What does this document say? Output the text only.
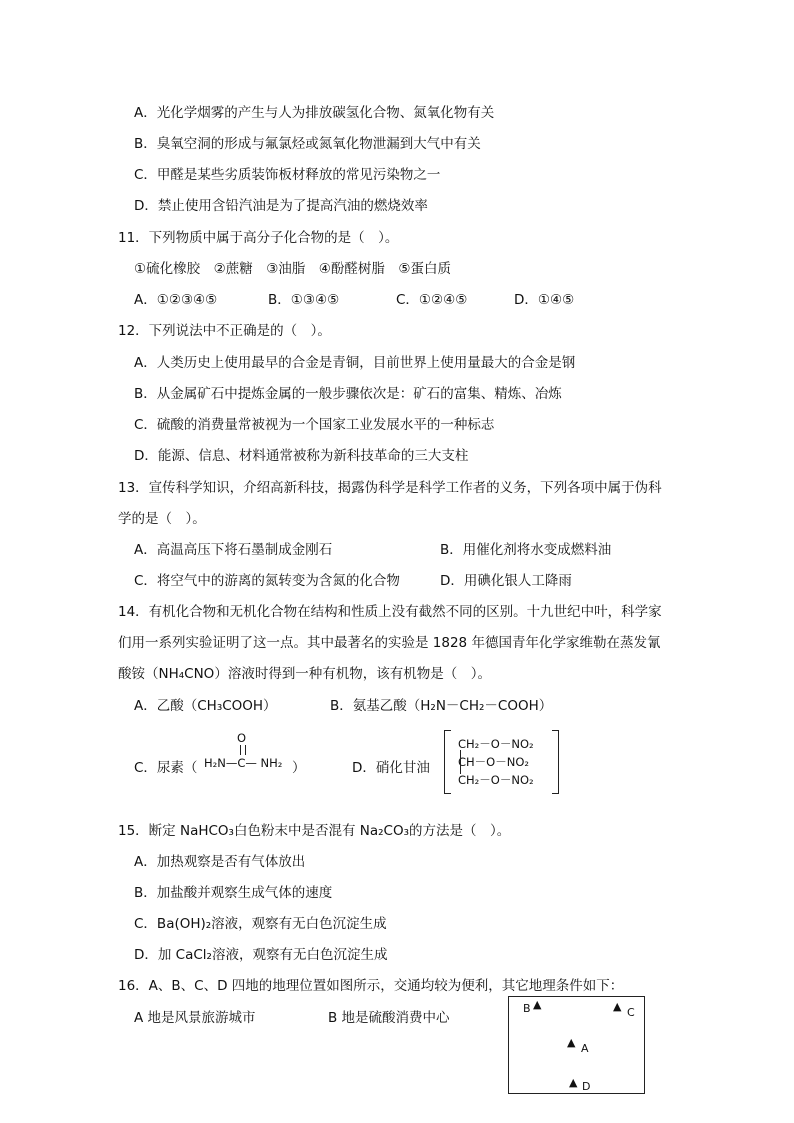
A．光化学烟雾的产生与人为排放碳氢化合物、氮氧化物有关
B．臭氧空洞的形成与氟氯烃或氮氧化物泄漏到大气中有关
C．甲醛是某些劣质装饰板材释放的常见污染物之一
D．禁止使用含铅汽油是为了提高汽油的燃烧效率
11．下列物质中属于高分子化合物的是（　）。
①硫化橡胶　②蔗糖　③油脂　④酚醛树脂　⑤蛋白质
A．①②③④⑤	B．①③④⑤	C．①②④⑤	D．①④⑤
12．下列说法中不正确是的（　）。
A．人类历史上使用最早的合金是青铜，目前世界上使用量最大的合金是钢
B．从金属矿石中提炼金属的一般步骤依次是：矿石的富集、精炼、冶炼
C．硫酸的消费量常被视为一个国家工业发展水平的一种标志
D．能源、信息、材料通常被称为新科技革命的三大支柱
13．宣传科学知识，介绍高新科技，揭露伪科学是科学工作者的义务，下列各项中属于伪科
学的是（　）。
A．高温高压下将石墨制成金刚石	B．用催化剂将水变成燃料油
C．将空气中的游离的氮转变为含氮的化合物	D．用碘化银人工降雨
14．有机化合物和无机化合物在结构和性质上没有截然不同的区别。十九世纪中叶，科学家
们用一系列实验证明了这一点。其中最著名的实验是 1828 年德国青年化学家维勒在蒸发氰
酸铵（NH₄CNO）溶液时得到一种有机物，该有机物是（　）。
A．乙酸（CH₃COOH）	B．氨基乙酸（H₂N－CH₂－COOH）
C．尿素（
O
H₂N—C— NH₂ ）	D．硝化甘油
CH₂－O－NO₂
CH－O－NO₂
CH₂－O－NO₂
15．断定 NaHCO₃白色粉末中是否混有 Na₂CO₃的方法是（　）。
A．加热观察是否有气体放出
B．加盐酸并观察生成气体的速度
C．Ba(OH)₂溶液，观察有无白色沉淀生成
D．加 CaCl₂溶液，观察有无白色沉淀生成
16．A、B、C、D 四地的地理位置如图所示，交通均较为便利，其它地理条件如下：
A 地是风景旅游城市	B 地是硫酸消费中心
B ▲	▲ C
▲ A
▲ D
